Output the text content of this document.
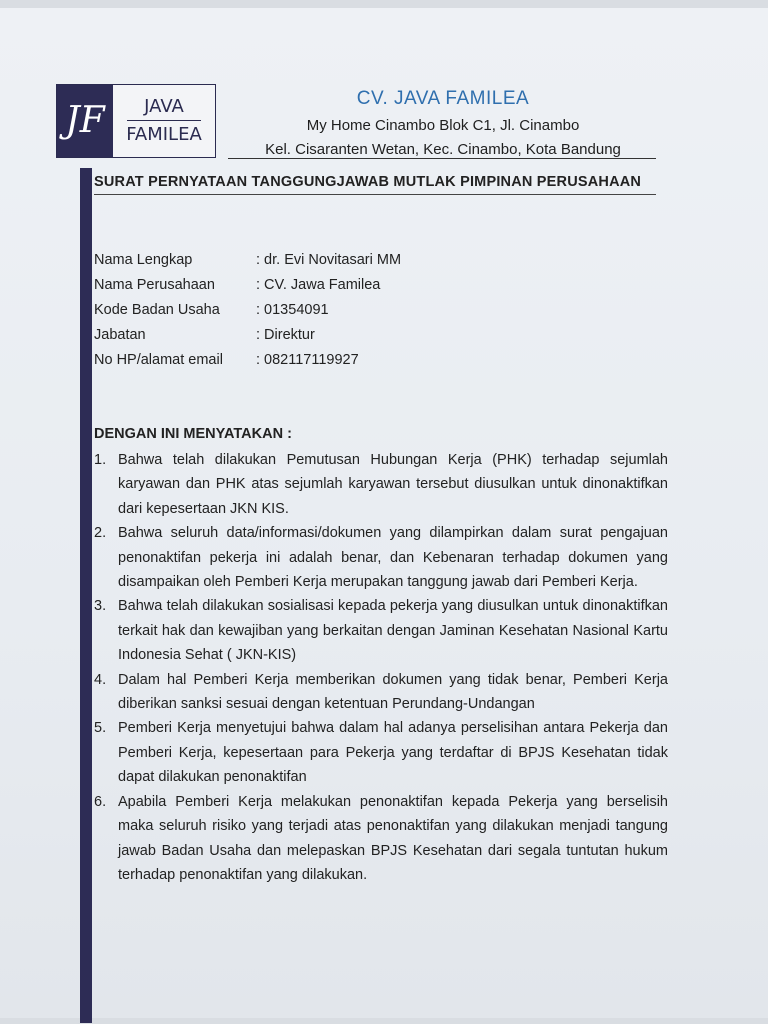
JF	JAVA
FAMILEA
CV. JAVA FAMILEA
My Home Cinambo Blok C1, Jl. Cinambo
Kel. Cisaranten Wetan, Kec. Cinambo, Kota Bandung
SURAT PERNYATAAN TANGGUNGJAWAB MUTLAK PIMPINAN PERUSAHAAN
Nama Lengkap	: dr. Evi Novitasari MM
Nama Perusahaan	: CV. Jawa Familea
Kode Badan Usaha	: 01354091
Jabatan	: Direktur
No HP/alamat email	: 082117119927
DENGAN INI MENYATAKAN :
1. Bahwa telah dilakukan Pemutusan Hubungan Kerja (PHK) terhadap sejumlah karyawan dan PHK atas sejumlah karyawan tersebut diusulkan untuk dinonaktifkan dari kepesertaan JKN KIS.
2. Bahwa seluruh data/informasi/dokumen yang dilampirkan dalam surat pengajuan penonaktifan pekerja ini adalah benar, dan Kebenaran terhadap dokumen yang disampaikan oleh Pemberi Kerja merupakan tanggung jawab dari Pemberi Kerja.
3. Bahwa telah dilakukan sosialisasi kepada pekerja yang diusulkan untuk dinonaktifkan terkait hak dan kewajiban yang berkaitan dengan Jaminan Kesehatan Nasional Kartu Indonesia Sehat ( JKN-KIS)
4. Dalam hal Pemberi Kerja memberikan dokumen yang tidak benar, Pemberi Kerja diberikan sanksi sesuai dengan ketentuan Perundang-Undangan
5. Pemberi Kerja menyetujui bahwa dalam hal adanya perselisihan antara Pekerja dan Pemberi Kerja, kepesertaan para Pekerja yang terdaftar di BPJS Kesehatan tidak dapat dilakukan penonaktifan
6. Apabila Pemberi Kerja melakukan penonaktifan kepada Pekerja yang berselisih maka seluruh risiko yang terjadi atas penonaktifan yang dilakukan menjadi tangung jawab Badan Usaha dan melepaskan BPJS Kesehatan dari segala tuntutan hukum terhadap penonaktifan yang dilakukan.
